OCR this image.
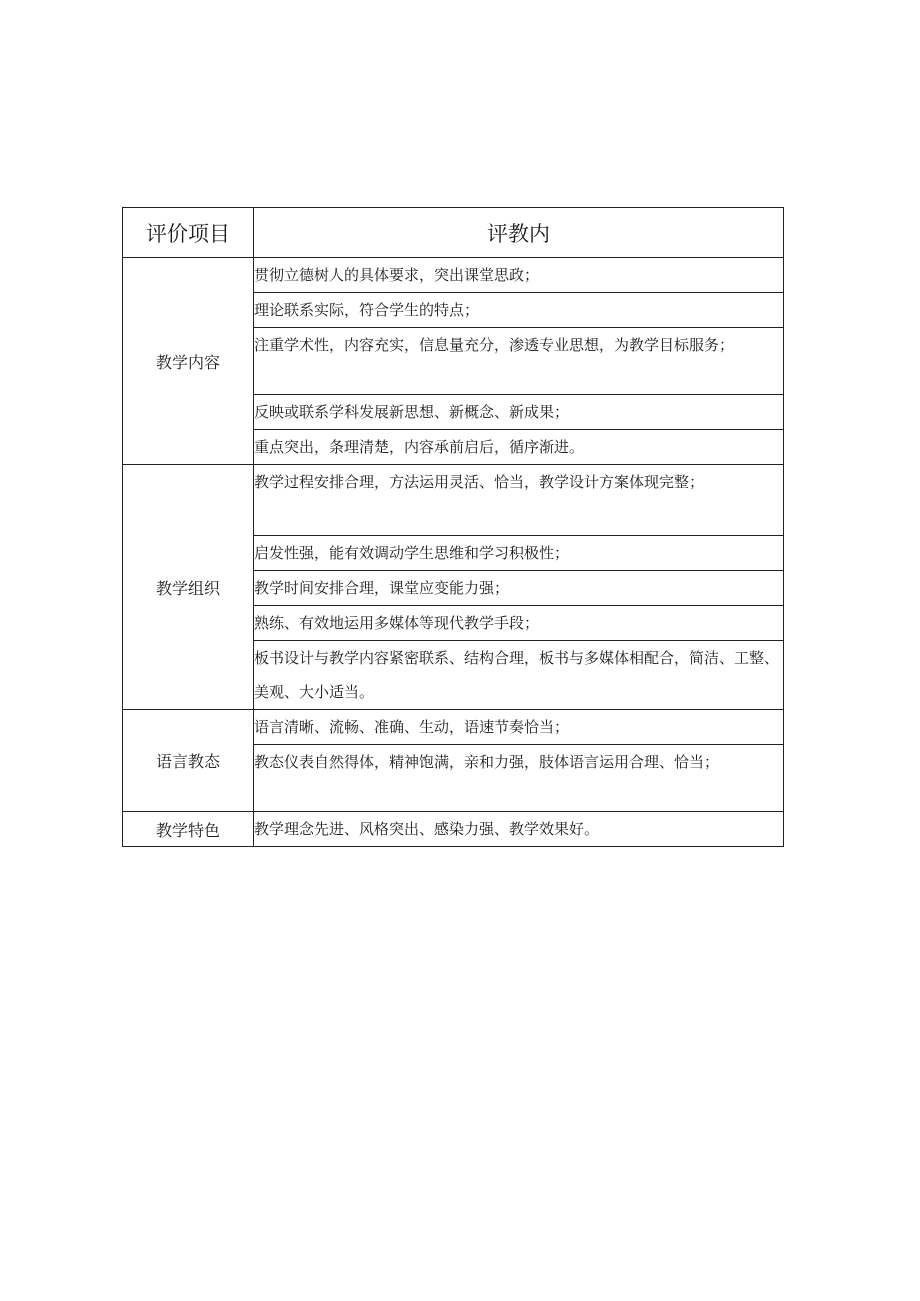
评价项目	评教内
教学内容	贯彻立德树人的具体要求，突出课堂思政；
	理论联系实际，符合学生的特点；
	注重学术性，内容充实，信息量充分，渗透专业思想，为教学目标服务；
	反映或联系学科发展新思想、新概念、新成果；
	重点突出，条理清楚，内容承前启后，循序渐进。
教学组织	教学过程安排合理，方法运用灵活、恰当，教学设计方案体现完整；
	启发性强，能有效调动学生思维和学习积极性；
	教学时间安排合理，课堂应变能力强；
	熟练、有效地运用多媒体等现代教学手段；
	板书设计与教学内容紧密联系、结构合理，板书与多媒体相配合，简洁、工整、美观、大小适当。
语言教态	语言清晰、流畅、准确、生动，语速节奏恰当；
	教态仪表自然得体，精神饱满，亲和力强，肢体语言运用合理、恰当；
教学特色	教学理念先进、风格突出、感染力强、教学效果好。
